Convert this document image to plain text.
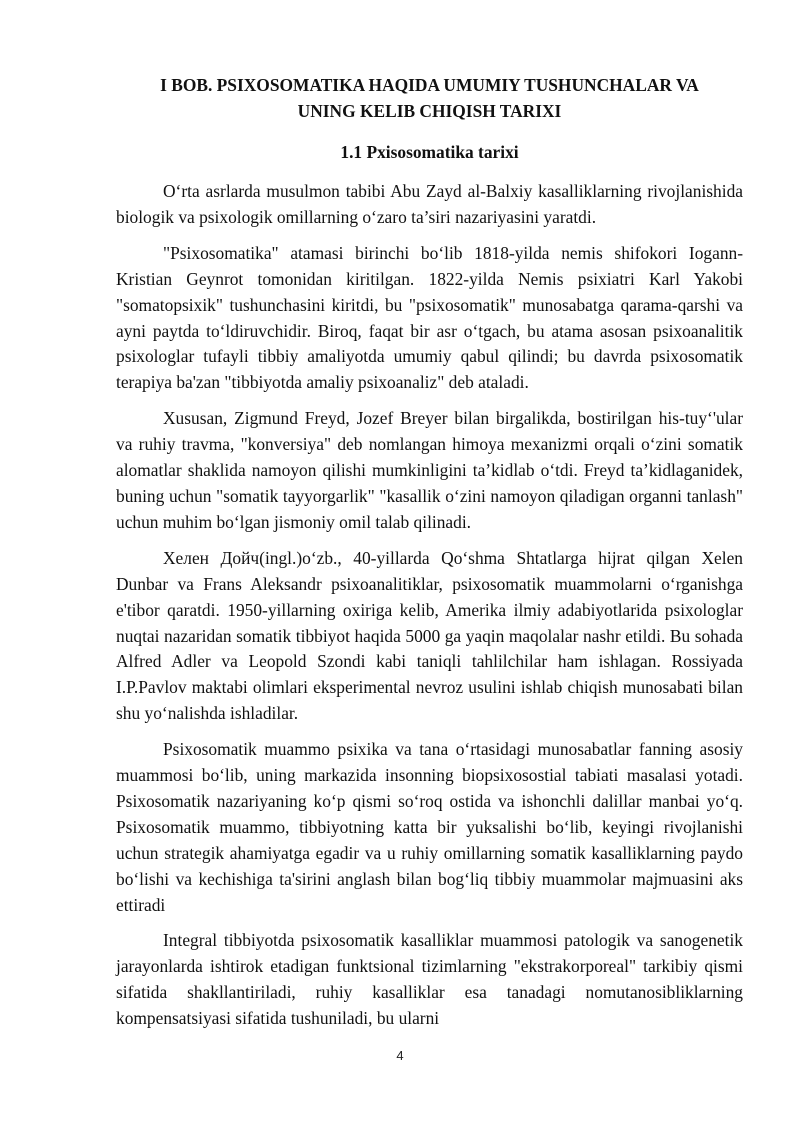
I BOB. PSIXOSOMATIKA HAQIDA UMUMIY TUSHUNCHALAR VA
UNING KELIB CHIQISH TARIXI
1.1 Pxisosomatika tarixi

O‘rta asrlarda musulmon tabibi Abu Zayd al-Balxiy kasalliklarning rivojlanishida biologik va psixologik omillarning o‘zaro ta’siri nazariyasini yaratdi.

"Psixosomatika" atamasi birinchi bo‘lib 1818-yilda nemis shifokori Iogann-Kristian Geynrot tomonidan kiritilgan. 1822-yilda Nemis psixiatri Karl Yakobi "somatopsixik" tushunchasini kiritdi, bu "psixosomatik" munosabatga qarama-qarshi va ayni paytda to‘ldiruvchidir. Biroq, faqat bir asr o‘tgach, bu atama asosan psixoanalitik psixologlar tufayli tibbiy amaliyotda umumiy qabul qilindi; bu davrda psixosomatik terapiya ba'zan "tibbiyotda amaliy psixoanaliz" deb ataladi.

Xususan, Zigmund Freyd, Jozef Breyer bilan birgalikda, bostirilgan his-tuy‘'ular va ruhiy travma, "konversiya" deb nomlangan himoya mexanizmi orqali o‘zini somatik alomatlar shaklida namoyon qilishi mumkinligini ta’kidlab o‘tdi. Freyd ta’kidlaganidek, buning uchun "somatik tayyorgarlik" "kasallik o‘zini namoyon qiladigan organni tanlash" uchun muhim bo‘lgan jismoniy omil talab qilinadi.

Хелен Дойч(ingl.)o‘zb., 40-yillarda Qo‘shma Shtatlarga hijrat qilgan Xelen Dunbar va Frans Aleksandr psixoanalitiklar, psixosomatik muammolarni o‘rganishga e'tibor qaratdi. 1950-yillarning oxiriga kelib, Amerika ilmiy adabiyotlarida psixologlar nuqtai nazaridan somatik tibbiyot haqida 5000 ga yaqin maqolalar nashr etildi. Bu sohada Alfred Adler va Leopold Szondi kabi taniqli tahlilchilar ham ishlagan. Rossiyada I.P.Pavlov maktabi olimlari eksperimental nevroz usulini ishlab chiqish munosabati bilan shu yo‘nalishda ishladilar.

Psixosomatik muammo psixika va tana o‘rtasidagi munosabatlar fanning asosiy muammosi bo‘lib, uning markazida insonning biopsixosostial tabiati masalasi yotadi. Psixosomatik nazariyaning ko‘p qismi so‘roq ostida va ishonchli dalillar manbai yo‘q. Psixosomatik muammo, tibbiyotning katta bir yuksalishi bo‘lib, keyingi rivojlanishi uchun strategik ahamiyatga egadir va u ruhiy omillarning somatik kasalliklarning paydo bo‘lishi va kechishiga ta'sirini anglash bilan bog‘liq tibbiy muammolar majmuasini aks ettiradi

Integral tibbiyotda psixosomatik kasalliklar muammosi patologik va sanogenetik jarayonlarda ishtirok etadigan funktsional tizimlarning "ekstrakorporeal" tarkibiy qismi sifatida shakllantiriladi, ruhiy kasalliklar esa tanadagi nomutanosibliklarning kompensatsiyasi sifatida tushuniladi, bu ularni

4
